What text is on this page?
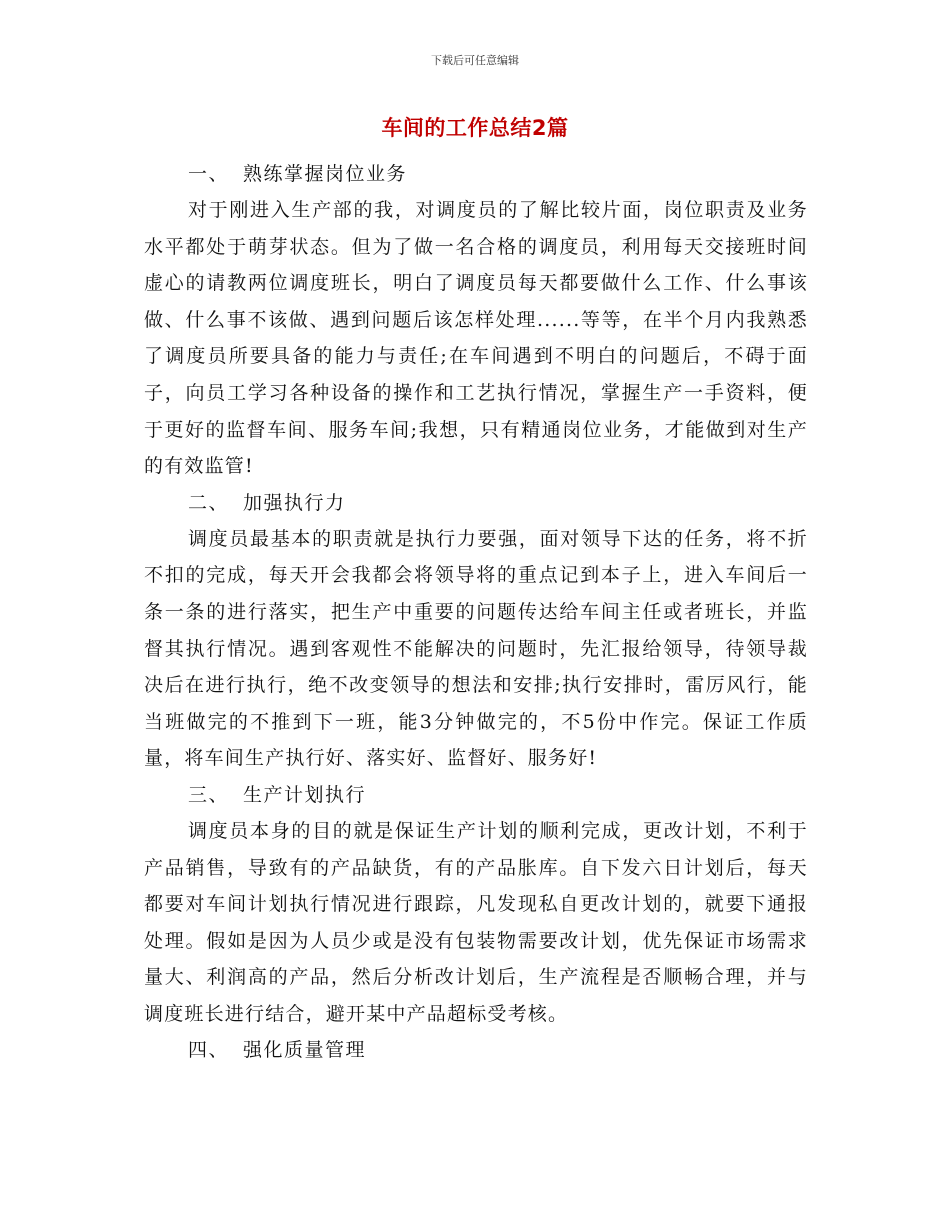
下载后可任意编辑
车间的工作总结2篇
一、 熟练掌握岗位业务

对于刚进入生产部的我，对调度员的了解比较片面，岗位职责及业务水平都处于萌芽状态。但为了做一名合格的调度员，利用每天交接班时间虚心的请教两位调度班长，明白了调度员每天都要做什么工作、什么事该做、什么事不该做、遇到问题后该怎样处理......等等，在半个月内我熟悉了调度员所要具备的能力与责任;在车间遇到不明白的问题后，不碍于面子，向员工学习各种设备的操作和工艺执行情况，掌握生产一手资料，便于更好的监督车间、服务车间;我想，只有精通岗位业务，才能做到对生产的有效监管!

二、 加强执行力

调度员最基本的职责就是执行力要强，面对领导下达的任务，将不折不扣的完成，每天开会我都会将领导将的重点记到本子上，进入车间后一条一条的进行落实，把生产中重要的问题传达给车间主任或者班长，并监督其执行情况。遇到客观性不能解决的问题时，先汇报给领导，待领导裁决后在进行执行，绝不改变领导的想法和安排;执行安排时，雷厉风行，能当班做完的不推到下一班，能3分钟做完的，不5份中作完。保证工作质量，将车间生产执行好、落实好、监督好、服务好!

三、 生产计划执行

调度员本身的目的就是保证生产计划的顺利完成，更改计划，不利于产品销售，导致有的产品缺货，有的产品胀库。自下发六日计划后，每天都要对车间计划执行情况进行跟踪，凡发现私自更改计划的，就要下通报处理。假如是因为人员少或是没有包装物需要改计划，优先保证市场需求量大、利润高的产品，然后分析改计划后，生产流程是否顺畅合理，并与调度班长进行结合，避开某中产品超标受考核。

四、 强化质量管理
